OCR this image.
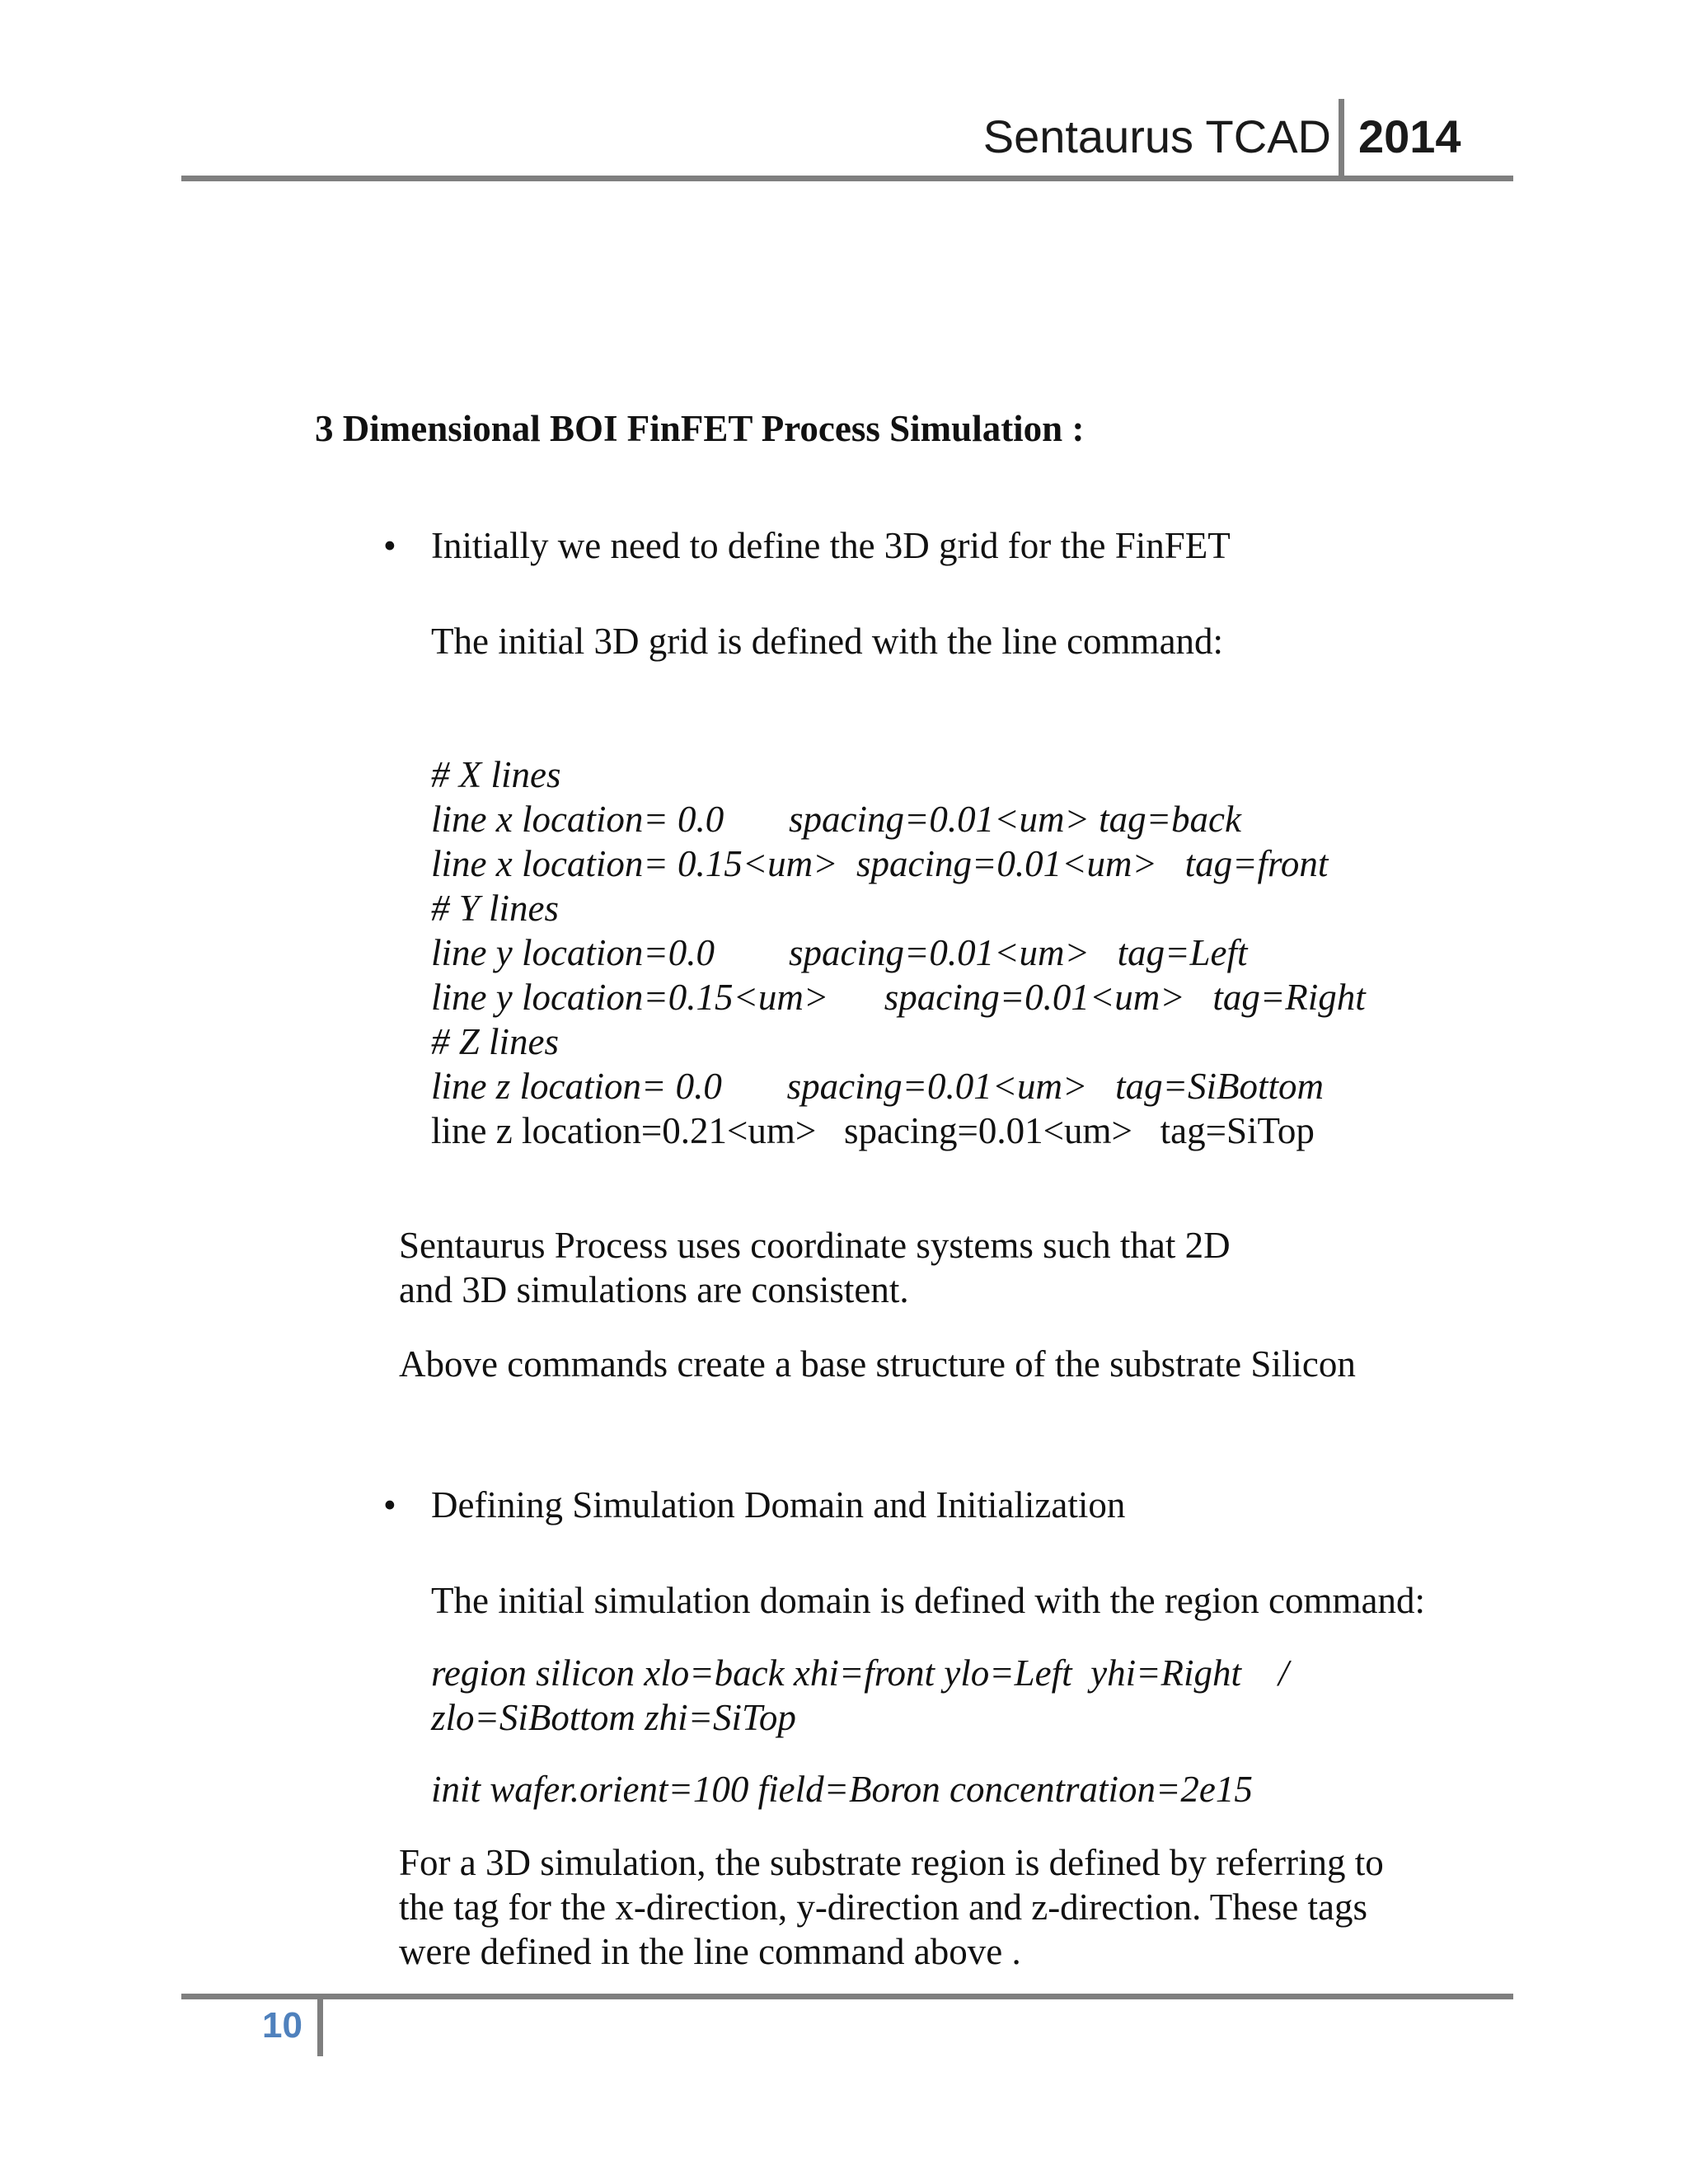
Sentaurus TCAD 2014
3 Dimensional BOI FinFET Process Simulation :
• Initially we need to define the 3D grid for the FinFET
The initial 3D grid is defined with the line command:
# X lines
line x location= 0.0       spacing=0.01<um> tag=back
line x location= 0.15<um>  spacing=0.01<um>   tag=front
# Y lines
line y location=0.0        spacing=0.01<um>   tag=Left
line y location=0.15<um>      spacing=0.01<um>   tag=Right
# Z lines
line z location= 0.0       spacing=0.01<um>   tag=SiBottom
line z location=0.21<um>   spacing=0.01<um>   tag=SiTop
Sentaurus Process uses coordinate systems such that 2D
and 3D simulations are consistent.
Above commands create a base structure of the substrate Silicon
• Defining Simulation Domain and Initialization
The initial simulation domain is defined with the region command:
region silicon xlo=back xhi=front ylo=Left  yhi=Right    /
zlo=SiBottom zhi=SiTop
init wafer.orient=100 field=Boron concentration=2e15
For a 3D simulation, the substrate region is defined by referring to
the tag for the x-direction, y-direction and z-direction. These tags
were defined in the line command above .
10
